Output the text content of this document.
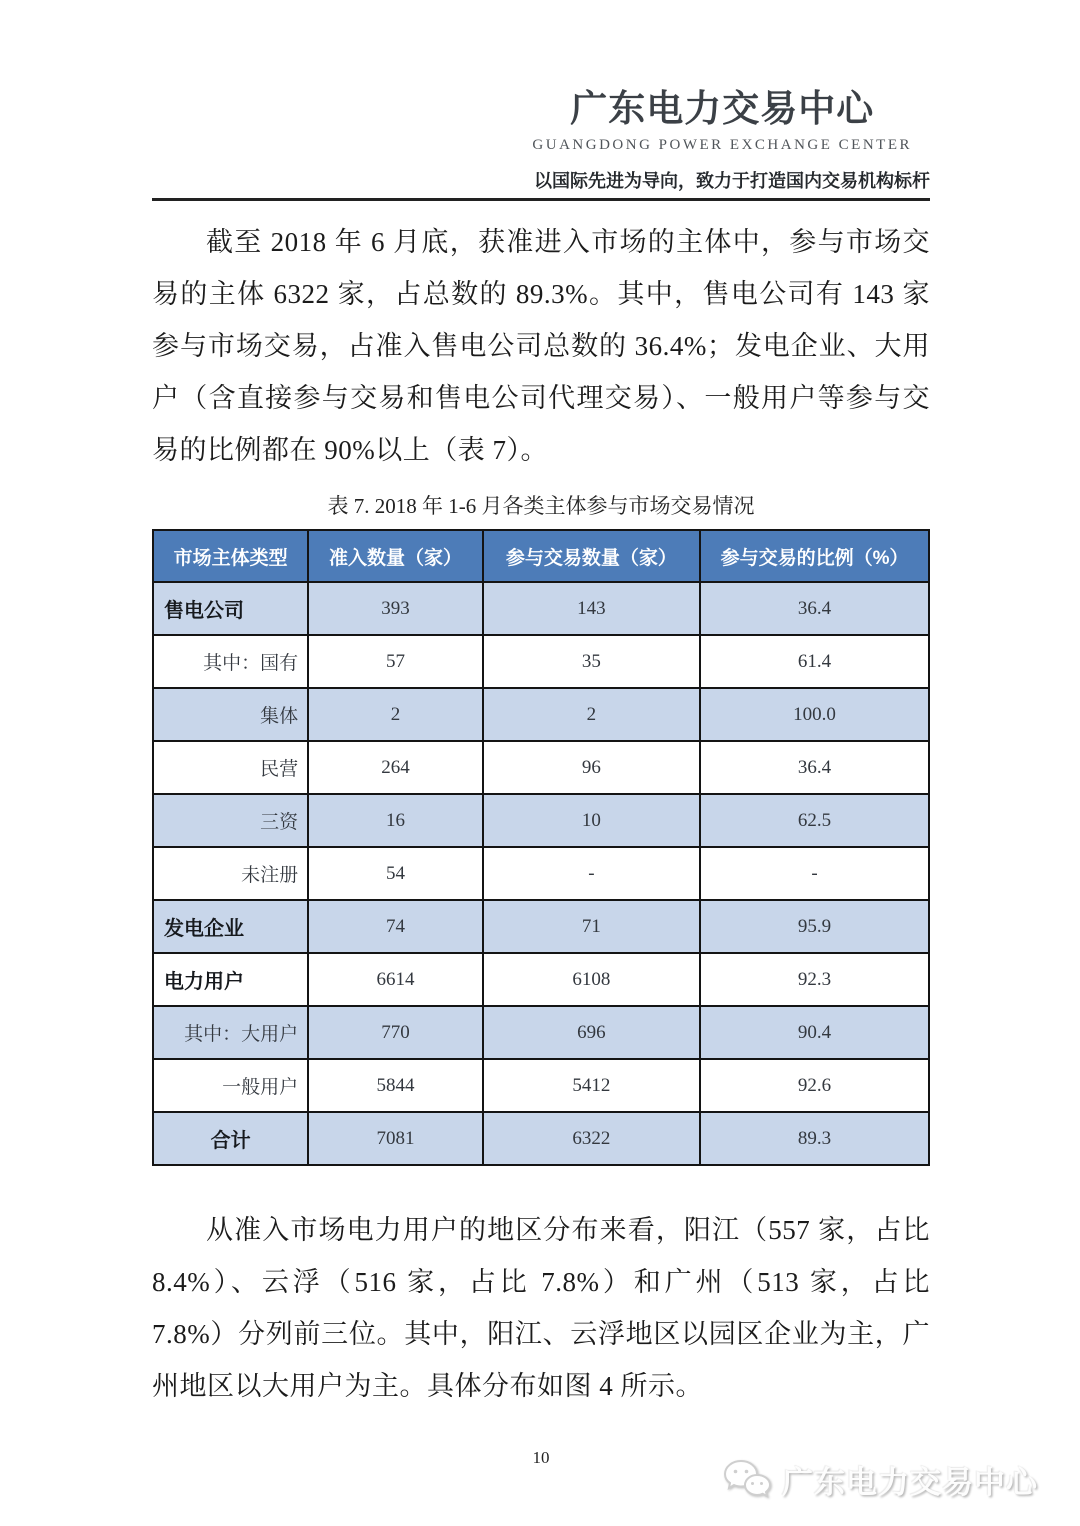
广东电力交易中心
GUANGDONG POWER EXCHANGE CENTER
以国际先进为导向，致力于打造国内交易机构标杆

截至 2018 年 6 月底，获准进入市场的主体中，参与市场交易的主体 6322 家，占总数的 89.3%。其中，售电公司有 143 家参与市场交易，占准入售电公司总数的 36.4%；发电企业、大用户（含直接参与交易和售电公司代理交易）、一般用户等参与交易的比例都在 90%以上（表 7）。

表 7. 2018 年 1-6 月各类主体参与市场交易情况
市场主体类型	准入数量（家）	参与交易数量（家）	参与交易的比例（%）
售电公司	393	143	36.4
其中：国有	57	35	61.4
集体	2	2	100.0
民营	264	96	36.4
三资	16	10	62.5
未注册	54	-	-
发电企业	74	71	95.9
电力用户	6614	6108	92.3
其中：大用户	770	696	90.4
一般用户	5844	5412	92.6
合计	7081	6322	89.3

从准入市场电力用户的地区分布来看，阳江（557 家，占比 8.4%）、云浮（516 家，占比 7.8%）和广州（513 家，占比 7.8%）分列前三位。其中，阳江、云浮地区以园区企业为主，广州地区以大用户为主。具体分布如图 4 所示。

10
广东电力交易中心
